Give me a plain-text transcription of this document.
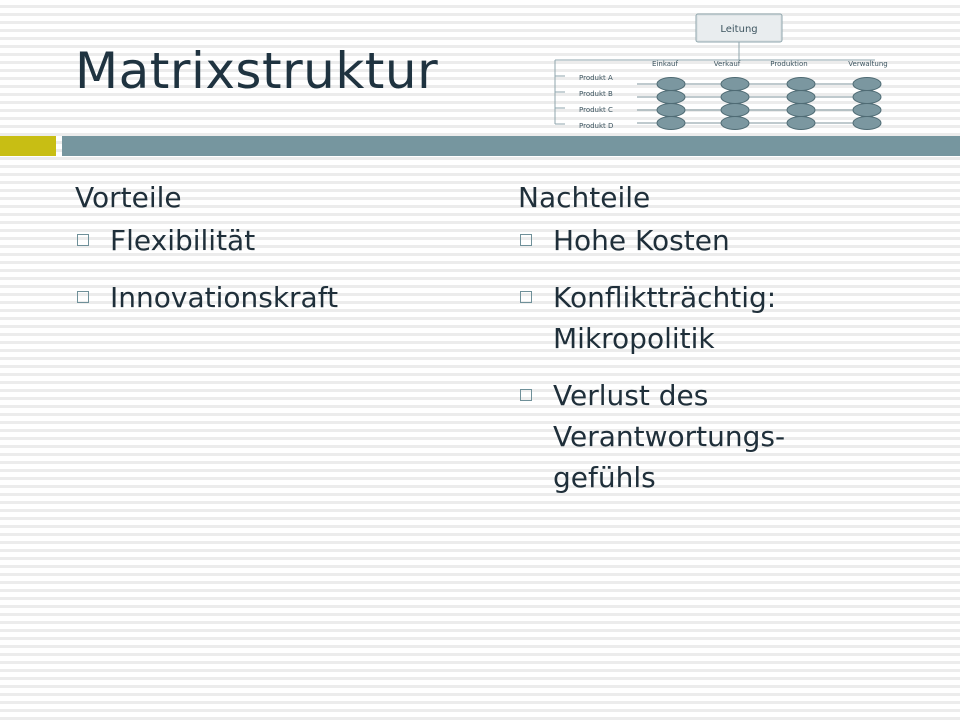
Matrixstruktur
Leitung
Einkauf	Verkauf	Produktion	Verwaltung
Produkt A
Produkt B
Produkt C
Produkt D
Vorteile
Flexibilität
Innovationskraft
Nachteile
Hohe Kosten
Konfliktträchtig:
Mikropolitik
Verlust des
Verantwortungs-
gefühls
